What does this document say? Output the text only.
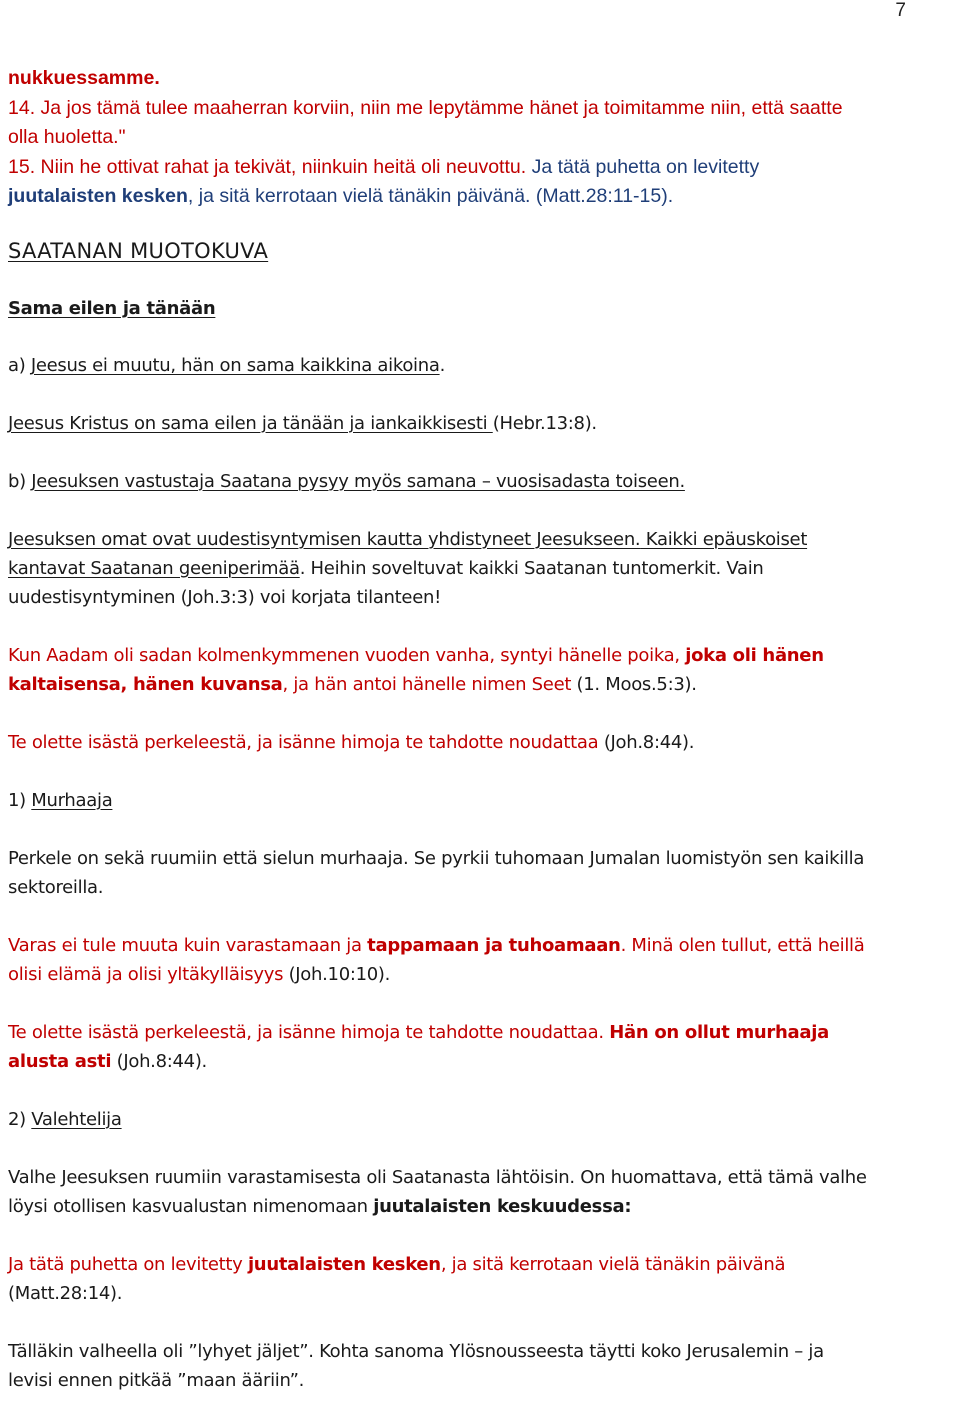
7

nukkuessamme.

14. Ja jos tämä tulee maaherran korviin, niin me lepytämme hänet ja toimitamme niin, että saatte

olla huoletta."

15. Niin he ottivat rahat ja tekivät, niinkuin heitä oli neuvottu. Ja tätä puhetta on levitetty

juutalaisten kesken, ja sitä kerrotaan vielä tänäkin päivänä. (Matt.28:11-15).

SAATANAN MUOTOKUVA

Sama eilen ja tänään

a) Jeesus ei muutu, hän on sama kaikkina aikoina.

Jeesus Kristus on sama eilen ja tänään ja iankaikkisesti (Hebr.13:8).

b) Jeesuksen vastustaja Saatana pysyy myös samana – vuosisadasta toiseen.

Jeesuksen omat ovat uudestisyntymisen kautta yhdistyneet Jeesukseen. Kaikki epäuskoiset
kantavat Saatanan geeniperimää. Heihin soveltuvat kaikki Saatanan tuntomerkit. Vain
uudestisyntyminen (Joh.3:3) voi korjata tilanteen!

Kun Aadam oli sadan kolmenkymmenen vuoden vanha, syntyi hänelle poika, joka oli hänen
kaltaisensa, hänen kuvansa, ja hän antoi hänelle nimen Seet (1. Moos.5:3).

Te olette isästä perkeleestä, ja isänne himoja te tahdotte noudattaa (Joh.8:44).

1) Murhaaja

Perkele on sekä ruumiin että sielun murhaaja. Se pyrkii tuhomaan Jumalan luomistyön sen kaikilla
sektoreilla.

Varas ei tule muuta kuin varastamaan ja tappamaan ja tuhoamaan. Minä olen tullut, että heillä
olisi elämä ja olisi yltäkylläisyys (Joh.10:10).

Te olette isästä perkeleestä, ja isänne himoja te tahdotte noudattaa. Hän on ollut murhaaja
alusta asti (Joh.8:44).

2) Valehtelija

Valhe Jeesuksen ruumiin varastamisesta oli Saatanasta lähtöisin. On huomattava, että tämä valhe
löysi otollisen kasvualustan nimenomaan juutalaisten keskuudessa:

Ja tätä puhetta on levitetty juutalaisten kesken, ja sitä kerrotaan vielä tänäkin päivänä
(Matt.28:14).

Tälläkin valheella oli ”lyhyet jäljet”. Kohta sanoma Ylösnousseesta täytti koko Jerusalemin – ja
levisi ennen pitkää ”maan ääriin”.
